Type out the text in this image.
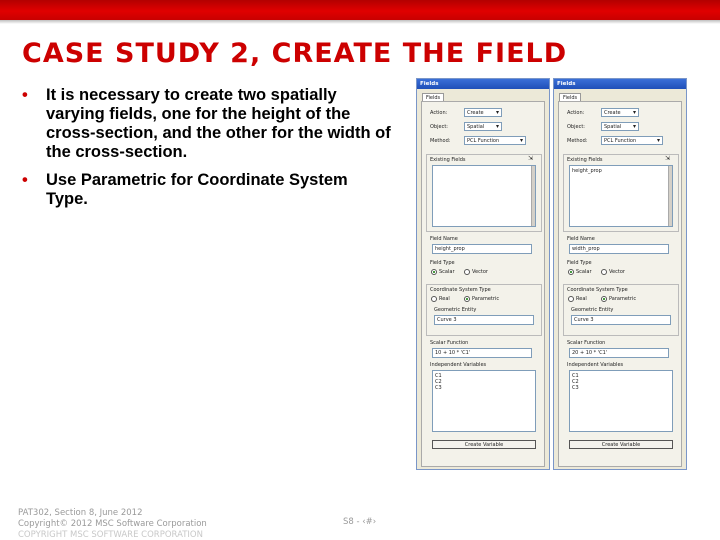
CASE STUDY 2, CREATE THE FIELD
• It is necessary to create two spatially varying fields, one for the height of the cross-section, and the other for the width of the cross-section.
• Use Parametric for Coordinate System Type.
Fields
Fields
Action:	Create ▾
Object:	Spatial ▾
Method:	PCL Function	▾
Existing Fields	⇲
Field Name
height_prop
Field Type
Scalar	Vector
Coordinate System Type
Real	Parametric
Geometric Entity
Curve 3
Scalar Function
10 + 10 * 'C1'
Independent Variables
C1
C2
C3
Create Variable
Fields
Fields
Action:	Create ▾
Object:	Spatial ▾
Method:	PCL Function	▾
Existing Fields	⇲
height_prop
Field Name
width_prop
Field Type
Scalar	Vector
Coordinate System Type
Real	Parametric
Geometric Entity
Curve 3
Scalar Function
20 + 10 * 'C1'
Independent Variables
C1
C2
C3
Create Variable
PAT302, Section 8, June 2012
Copyright© 2012 MSC Software Corporation
COPYRIGHT MSC SOFTWARE CORPORATION
S8 - ‹#›
